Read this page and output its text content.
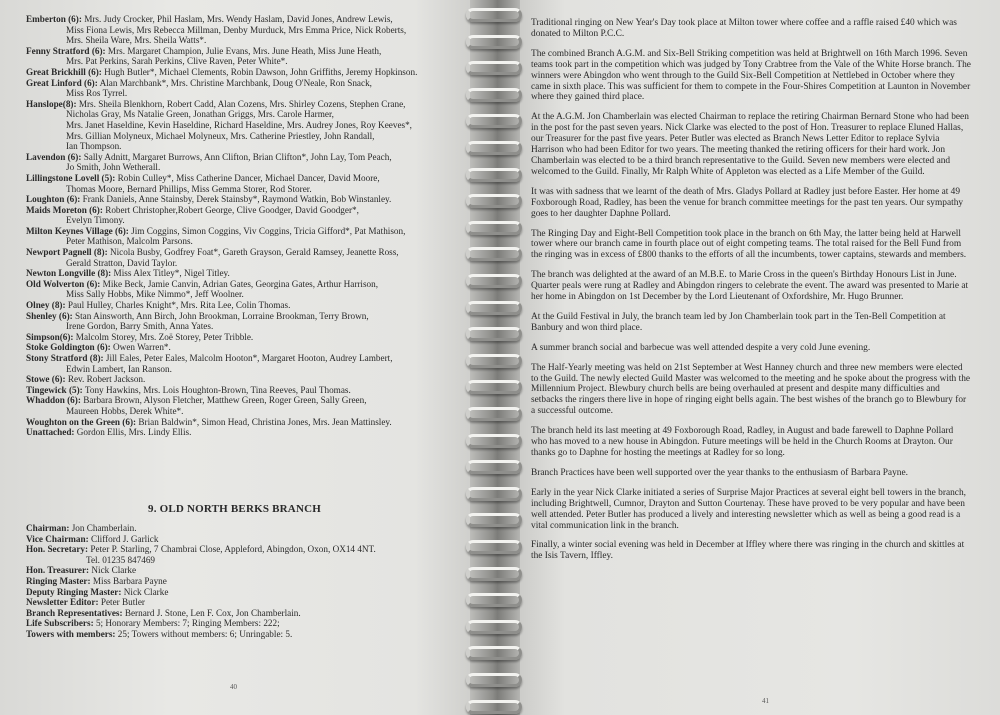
Emberton (6): Mrs. Judy Crocker, Phil Haslam, Mrs. Wendy Haslam, David Jones, Andrew Lewis,
Miss Fiona Lewis, Mrs Rebecca Millman, Denby Murduck, Mrs Emma Price, Nick Roberts,
Mrs. Sheila Ware, Mrs. Sheila Watts*.
Fenny Stratford (6): Mrs. Margaret Champion, Julie Evans, Mrs. June Heath, Miss June Heath,
Mrs. Pat Perkins, Sarah Perkins, Clive Raven, Peter White*.
Great Brickhill (6): Hugh Butler*, Michael Clements, Robin Dawson, John Griffiths, Jeremy Hopkinson.
Great Linford (6): Alan Marchbank*, Mrs. Christine Marchbank, Doug O'Neale, Ron Snack,
Miss Ros Tyrrel.
Hanslope(8): Mrs. Sheila Blenkhorn, Robert Cadd, Alan Cozens, Mrs. Shirley Cozens, Stephen Crane,
Nicholas Gray, Ms Natalie Green, Jonathan Griggs, Mrs. Carole Harmer,
Mrs. Janet Haseldine, Kevin Haseldine, Richard Haseldine, Mrs. Audrey Jones, Roy Keeves*,
Mrs. Gillian Molyneux, Michael Molyneux, Mrs. Catherine Priestley, John Randall,
Ian Thompson.
Lavendon (6): Sally Adnitt, Margaret Burrows, Ann Clifton, Brian Clifton*, John Lay, Tom Peach,
Jo Smith, John Wetherall.
Lillingstone Lovell (5): Robin Culley*, Miss Catherine Dancer, Michael Dancer, David Moore,
Thomas Moore, Bernard Phillips, Miss Gemma Storer, Rod Storer.
Loughton (6): Frank Daniels, Anne Stainsby, Derek Stainsby*, Raymond Watkin, Bob Winstanley.
Maids Moreton (6): Robert Christopher,Robert George, Clive Goodger, David Goodger*,
Evelyn Timony.
Milton Keynes Village (6): Jim Coggins, Simon Coggins, Viv Coggins, Tricia Gifford*, Pat Mathison,
Peter Mathison, Malcolm Parsons.
Newport Pagnell (8): Nicola Busby, Godfrey Foat*, Gareth Grayson, Gerald Ramsey, Jeanette Ross,
Gerald Stratton, David Taylor.
Newton Longville (8): Miss Alex Titley*, Nigel Titley.
Old Wolverton (6): Mike Beck, Jamie Canvin, Adrian Gates, Georgina Gates, Arthur Harrison,
Miss Sally Hobbs, Mike Nimmo*, Jeff Woolner.
Olney (8): Paul Hulley, Charles Knight*, Mrs. Rita Lee, Colin Thomas.
Shenley (6): Stan Ainsworth, Ann Birch, John Brookman, Lorraine Brookman, Terry Brown,
Irene Gordon, Barry Smith, Anna Yates.
Simpson(6): Malcolm Storey, Mrs. Zoë Storey, Peter Tribble.
Stoke Goldington (6): Owen Warren*.
Stony Stratford (8): Jill Eales, Peter Eales, Malcolm Hooton*, Margaret Hooton, Audrey Lambert,
Edwin Lambert, Ian Ranson.
Stowe (6): Rev. Robert Jackson.
Tingewick (5): Tony Hawkins, Mrs. Lois Houghton-Brown, Tina Reeves, Paul Thomas.
Whaddon (6): Barbara Brown, Alyson Fletcher, Matthew Green, Roger Green, Sally Green,
Maureen Hobbs, Derek White*.
Woughton on the Green (6): Brian Baldwin*, Simon Head, Christina Jones, Mrs. Jean Mattinsley.
Unattached: Gordon Ellis, Mrs. Lindy Ellis.
9. OLD NORTH BERKS BRANCH
Chairman: Jon Chamberlain.
Vice Chairman: Clifford J. Garlick
Hon. Secretary: Peter P. Starling, 7 Chambrai Close, Appleford, Abingdon, Oxon, OX14 4NT.
Tel. 01235 847469
Hon. Treasurer: Nick Clarke
Ringing Master: Miss Barbara Payne
Deputy Ringing Master: Nick Clarke
Newsletter Editor: Peter Butler
Branch Representatives: Bernard J. Stone, Len F. Cox, Jon Chamberlain.
Life Subscribers: 5; Honorary Members: 7; Ringing Members: 222;
Towers with members: 25; Towers without members: 6; Unringable: 5.
40

Traditional ringing on New Year's Day took place at Milton tower where coffee and a raffle raised £40 which was donated to Milton P.C.C.

The combined Branch A.G.M. and Six-Bell Striking competition was held at Brightwell on 16th March 1996. Seven teams took part in the competition which was judged by Tony Crabtree from the Vale of the White Horse branch. The winners were Abingdon who went through to the Guild Six-Bell Competition at Nettlebed in October where they came in sixth place. This was sufficient for them to compete in the Four-Shires Competition at Launton in November where they gained third place.

At the A.G.M. Jon Chamberlain was elected Chairman to replace the retiring Chairman Bernard Stone who had been in the post for the past seven years. Nick Clarke was elected to the post of Hon. Treasurer to replace Eluned Hallas, our Treasurer for the past five years. Peter Butler was elected as Branch News Letter Editor to replace Sylvia Harrison who had been Editor for two years. The meeting thanked the retiring officers for their hard work. Jon Chamberlain was elected to be a third branch representative to the Guild. Seven new members were elected and welcomed to the Guild. Finally, Mr Ralph White of Appleton was elected as a Life Member of the Guild.

It was with sadness that we learnt of the death of Mrs. Gladys Pollard at Radley just before Easter. Her home at 49 Foxborough Road, Radley, has been the venue for branch committee meetings for the past ten years. Our sympathy goes to her daughter Daphne Pollard.

The Ringing Day and Eight-Bell Competition took place in the branch on 6th May, the latter being held at Harwell tower where our branch came in fourth place out of eight competing teams. The total raised for the Bell Fund from the ringing was in excess of £800 thanks to the efforts of all the incumbents, tower captains, stewards and members.

The branch was delighted at the award of an M.B.E. to Marie Cross in the queen's Birthday Honours List in June. Quarter peals were rung at Radley and Abingdon ringers to celebrate the event. The award was presented to Marie at her home in Abingdon on 1st December by the Lord Lieutenant of Oxfordshire, Mr. Hugo Brunner.

At the Guild Festival in July, the branch team led by Jon Chamberlain took part in the Ten-Bell Competition at Banbury and won third place.

A summer branch social and barbecue was well attended despite a very cold June evening.

The Half-Yearly meeting was held on 21st September at West Hanney church and three new members were elected to the Guild. The newly elected Guild Master was welcomed to the meeting and he spoke about the progress with the Millennium Project. Blewbury church bells are being overhauled at present and despite many difficulties and setbacks the ringers there live in hope of ringing eight bells again. The best wishes of the branch go to Blewbury for a successful outcome.

The branch held its last meeting at 49 Foxborough Road, Radley, in August and bade farewell to Daphne Pollard who has moved to a new house in Abingdon. Future meetings will be held in the Church Rooms at Drayton. Our thanks go to Daphne for hosting the meetings at Radley for so long.

Branch Practices have been well supported over the year thanks to the enthusiasm of Barbara Payne.

Early in the year Nick Clarke initiated a series of Surprise Major Practices at several eight bell towers in the branch, including Brightwell, Cumnor, Drayton and Sutton Courtenay. These have proved to be very popular and have been well attended. Peter Butler has produced a lively and interesting newsletter which as well as being a good read is a vital communication link in the branch.

Finally, a winter social evening was held in December at Iffley where there was ringing in the church and skittles at the Isis Tavern, Iffley.

41
